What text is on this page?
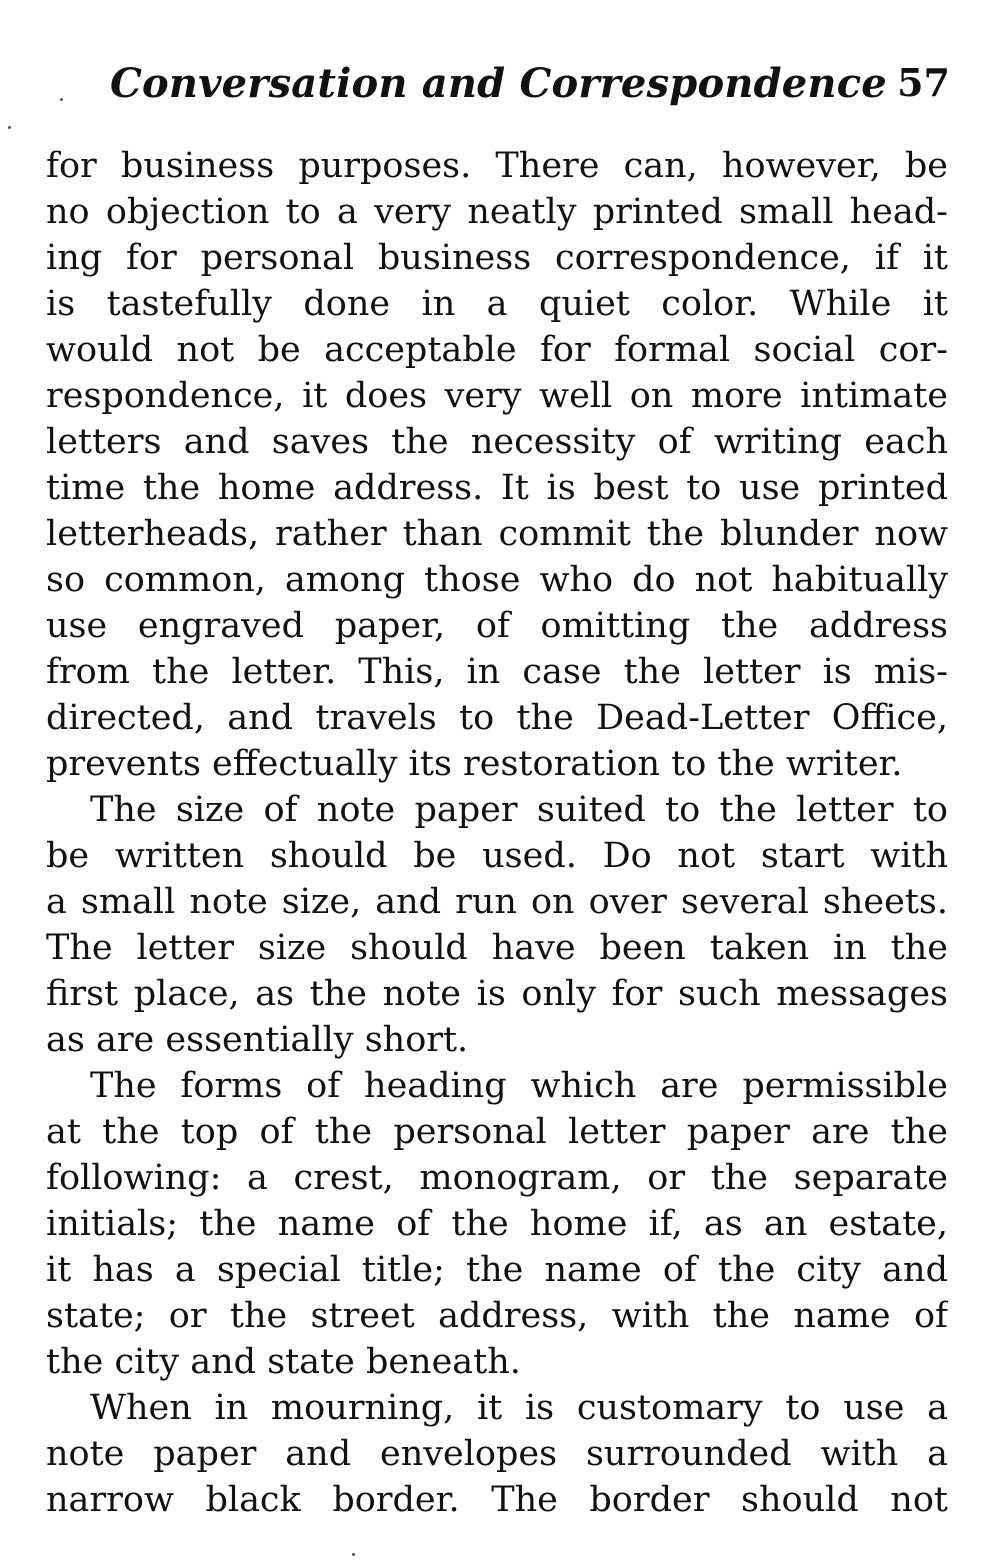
Conversation and Correspondence 57
for business purposes. There can, however, be
no objection to a very neatly printed small head-
ing for personal business correspondence, if it
is tastefully done in a quiet color. While it
would not be acceptable for formal social cor-
respondence, it does very well on more intimate
letters and saves the necessity of writing each
time the home address. It is best to use printed
letterheads, rather than commit the blunder now
so common, among those who do not habitually
use engraved paper, of omitting the address
from the letter. This, in case the letter is mis-
directed, and travels to the Dead-Letter Office,
prevents effectually its restoration to the writer.
The size of note paper suited to the letter to
be written should be used. Do not start with
a small note size, and run on over several sheets.
The letter size should have been taken in the
first place, as the note is only for such messages
as are essentially short.
The forms of heading which are permissible
at the top of the personal letter paper are the
following: a crest, monogram, or the separate
initials; the name of the home if, as an estate,
it has a special title; the name of the city and
state; or the street address, with the name of
the city and state beneath.
When in mourning, it is customary to use a
note paper and envelopes surrounded with a
narrow black border. The border should not
